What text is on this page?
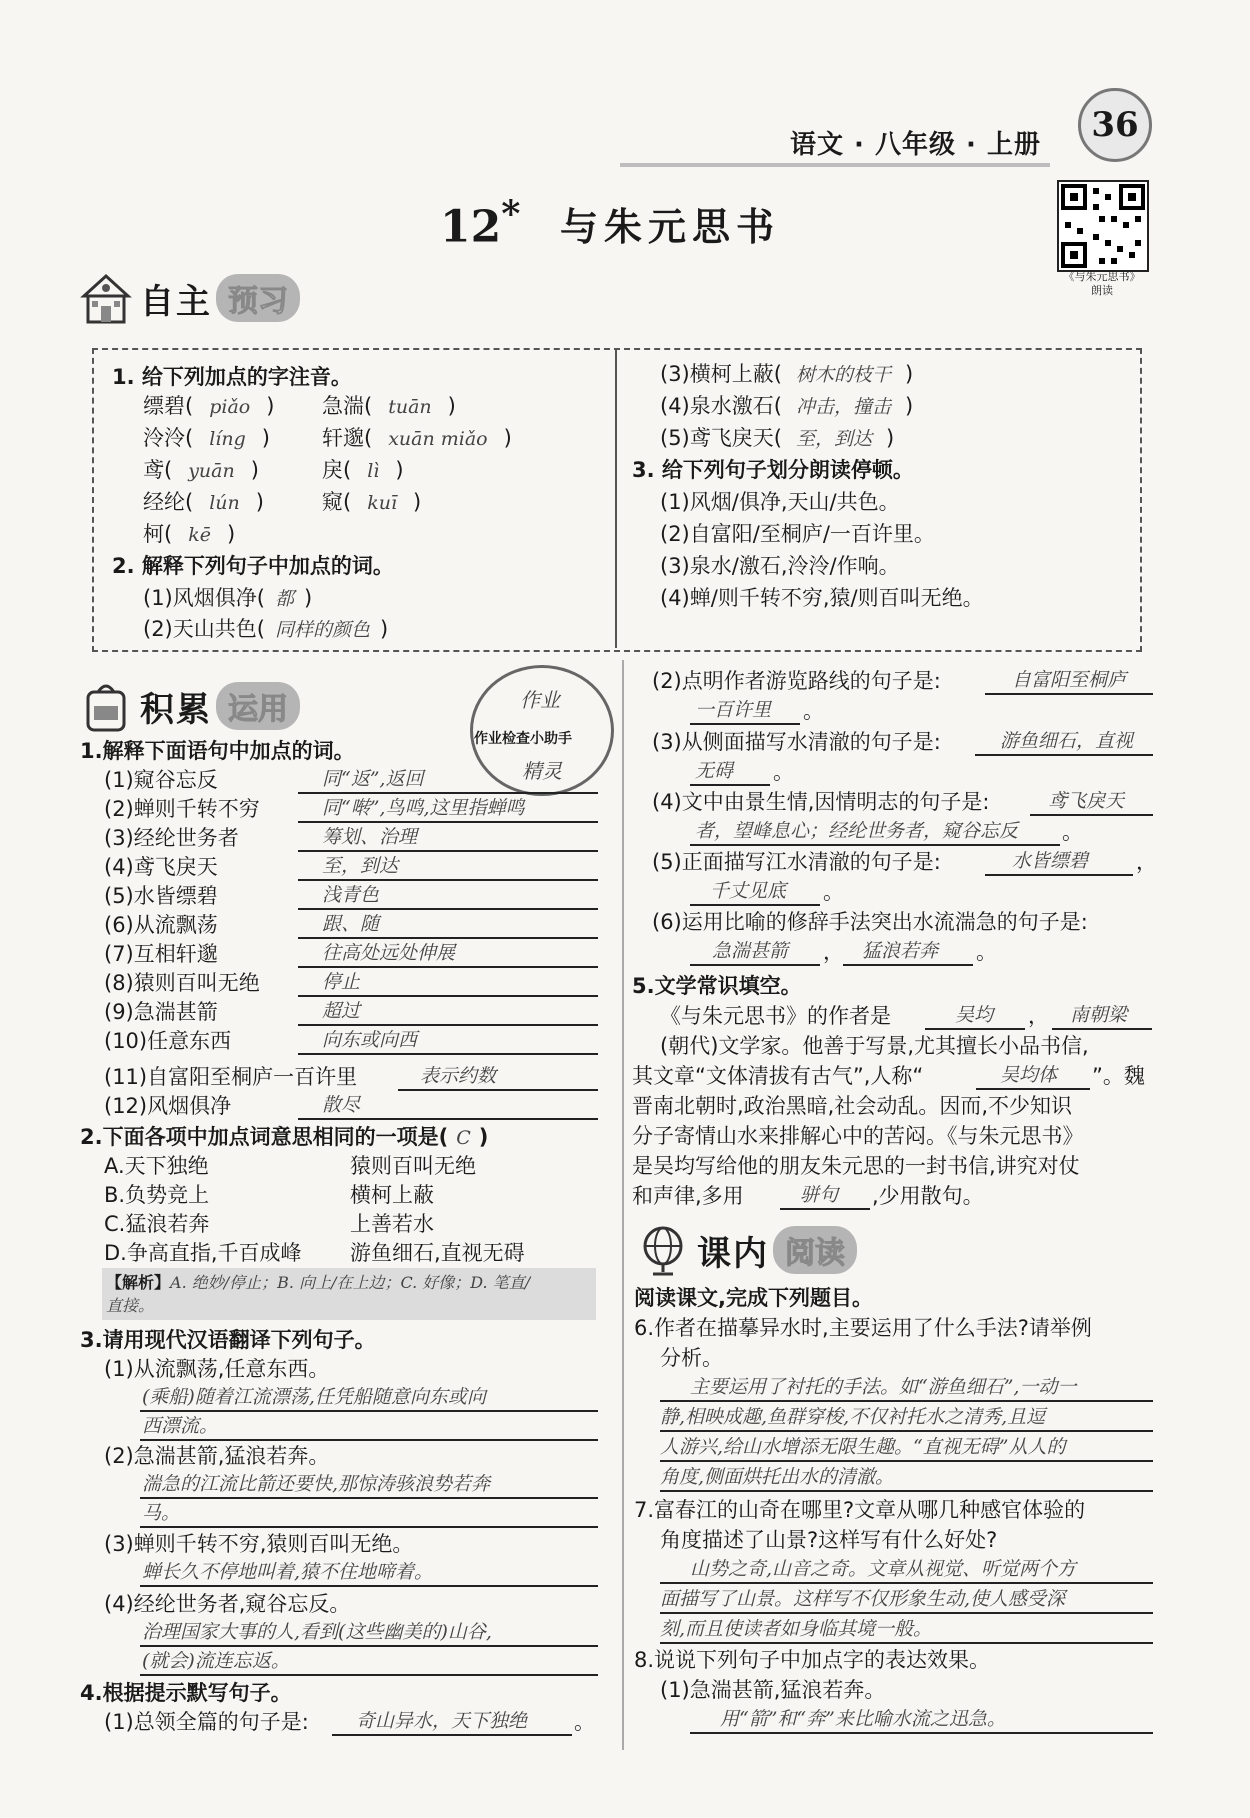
语文 · 八年级 · 上册	36
12* 与朱元思书
《与朱元思书》
朗读
自主 预习
1. 给下列加点的字注音。
缥碧( piǎo ) 急湍( tuān )
泠泠( líng ) 轩邈( xuān miǎo )
鸢( yuān )	戾( lì )
经纶( lún )	窥( kuī )
柯( kē )
2. 解释下列句子中加点的词。
(1)风烟俱净( 都 )
(2)天山共色( 同样的颜色 )
(3)横柯上蔽( 树木的枝干 )
(4)泉水激石( 冲击，撞击 )
(5)鸢飞戾天( 至，到达 )
3. 给下列句子划分朗读停顿。
(1)风烟/俱净,天山/共色。
(2)自富阳/至桐庐/一百许里。
(3)泉水/激石,泠泠/作响。
(4)蝉/则千转不穷,猿/则百叫无绝。
积累 运用	作业
作业检查小助手
精灵
1.解释下面语句中加点的词。
(1)窥谷忘反	同“返”,返回
(2)蝉则千转不穷	同“啭”,鸟鸣,这里指蝉鸣
(3)经纶世务者	筹划、治理
(4)鸢飞戾天	至，到达
(5)水皆缥碧	浅青色
(6)从流飘荡	跟、随
(7)互相轩邈	往高处远处伸展
(8)猿则百叫无绝	停止
(9)急湍甚箭	超过
(10)任意东西	向东或向西
(11)自富阳至桐庐一百许里	表示约数
(12)风烟俱净	散尽
2.下面各项中加点词意思相同的一项是( C )
A.天下独绝	猿则百叫无绝
B.负势竞上	横柯上蔽
C.猛浪若奔	上善若水
D.争高直指,千百成峰 游鱼细石,直视无碍
【解析】A. 绝妙/停止；B. 向上/在上边；C. 好像；D. 笔直/
直接。
3.请用现代汉语翻译下列句子。
(1)从流飘荡,任意东西。
(乘船)随着江流漂荡,任凭船随意向东或向
西漂流。
(2)急湍甚箭,猛浪若奔。
湍急的江流比箭还要快,那惊涛骇浪势若奔
马。
(3)蝉则千转不穷,猿则百叫无绝。
蝉长久不停地叫着,猿不住地啼着。
(4)经纶世务者,窥谷忘反。
治理国家大事的人,看到(这些幽美的)山谷,
(就会)流连忘返。
4.根据提示默写句子。
(1)总领全篇的句子是: 奇山异水，天下独绝 。
(2)点明作者游览路线的句子是:	自富阳至桐庐
一百许里 。
(3)从侧面描写水清澈的句子是:	游鱼细石，直视
无碍 。
(4)文中由景生情,因情明志的句子是:	鸢飞戾天
者，望峰息心；经纶世务者，窥谷忘反 。
(5)正面描写江水清澈的句子是:	水皆缥碧 ，
千丈见底 。
(6)运用比喻的修辞手法突出水流湍急的句子是:
急湍甚箭 ， 猛浪若奔 。
5.文学常识填空。
《与朱元思书》的作者是	吴均 ， 南朝梁
(朝代)文学家。他善于写景,尤其擅长小品书信,
其文章“文体清拔有古气”,人称“	吴均体 ”。魏
晋南北朝时,政治黑暗,社会动乱。因而,不少知识
分子寄情山水来排解心中的苦闷。《与朱元思书》
是吴均写给他的朋友朱元思的一封书信,讲究对仗
和声律,多用	骈句 ,少用散句。
课内 阅读
阅读课文,完成下列题目。
6.作者在描摹异水时,主要运用了什么手法?请举例
分析。
主要运用了衬托的手法。如“游鱼细石”,一动一
静,相映成趣,鱼群穿梭,不仅衬托水之清秀,且逗
人游兴,给山水增添无限生趣。“直视无碍”从人的
角度,侧面烘托出水的清澈。
7.富春江的山奇在哪里?文章从哪几种感官体验的
角度描述了山景?这样写有什么好处?
山势之奇,山音之奇。文章从视觉、听觉两个方
面描写了山景。这样写不仅形象生动,使人感受深
刻,而且使读者如身临其境一般。
8.说说下列句子中加点字的表达效果。
(1)急湍甚箭,猛浪若奔。
用“箭”和“奔”来比喻水流之迅急。
